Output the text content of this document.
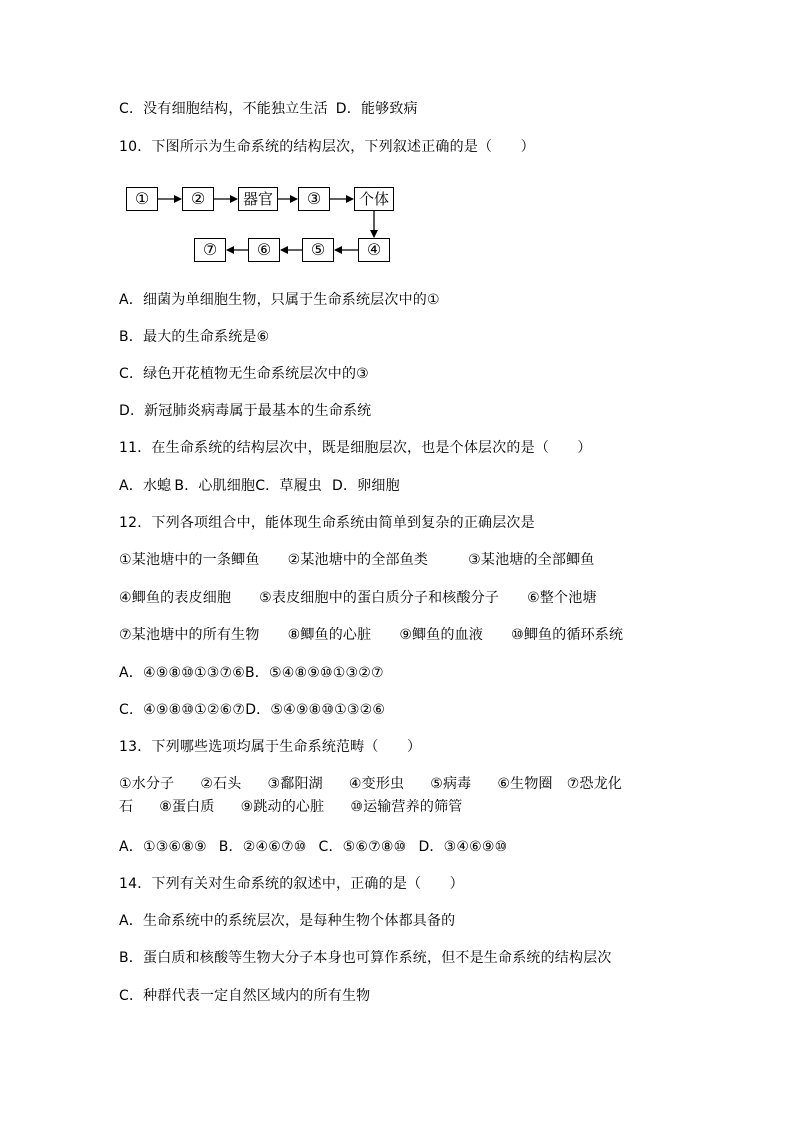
C．没有细胞结构，不能独立生活 D．能够致病
10．下图所示为生命系统的结构层次，下列叙述正确的是（　　）
①	②	器官	③	个体
⑦	⑥	⑤	④
A．细菌为单细胞生物，只属于生命系统层次中的①
B．最大的生命系统是⑥
C．绿色开花植物无生命系统层次中的③
D．新冠肺炎病毒属于最基本的生命系统
11．在生命系统的结构层次中，既是细胞层次，也是个体层次的是（　　）
A．水螅 B．心肌细胞C．草履虫 D．卵细胞
12．下列各项组合中，能体现生命系统由简单到复杂的正确层次是
①某池塘中的一条鲫鱼 ②某池塘中的全部鱼类	③某池塘的全部鲫鱼
④鲫鱼的表皮细胞 ⑤表皮细胞中的蛋白质分子和核酸分子 ⑥整个池塘
⑦某池塘中的所有生物 ⑧鲫鱼的心脏 ⑨鲫鱼的血液 ⑩鲫鱼的循环系统
A．④⑨⑧⑩①③⑦⑥B．⑤④⑧⑨⑩①③②⑦
C．④⑨⑧⑩①②⑥⑦D．⑤④⑨⑧⑩①③②⑥
13．下列哪些选项均属于生命系统范畴（　　）
①水分子 ②石头 ③鄱阳湖 ④变形虫 ⑤病毒 ⑥生物圈 ⑦恐龙化
石 ⑧蛋白质 ⑨跳动的心脏 ⑩运输营养的筛管
A．①③⑥⑧⑨ B．②④⑥⑦⑩ C．⑤⑥⑦⑧⑩ D．③④⑥⑨⑩
14．下列有关对生命系统的叙述中，正确的是（　　）
A．生命系统中的系统层次，是每种生物个体都具备的
B．蛋白质和核酸等生物大分子本身也可算作系统，但不是生命系统的结构层次
C．种群代表一定自然区域内的所有生物
